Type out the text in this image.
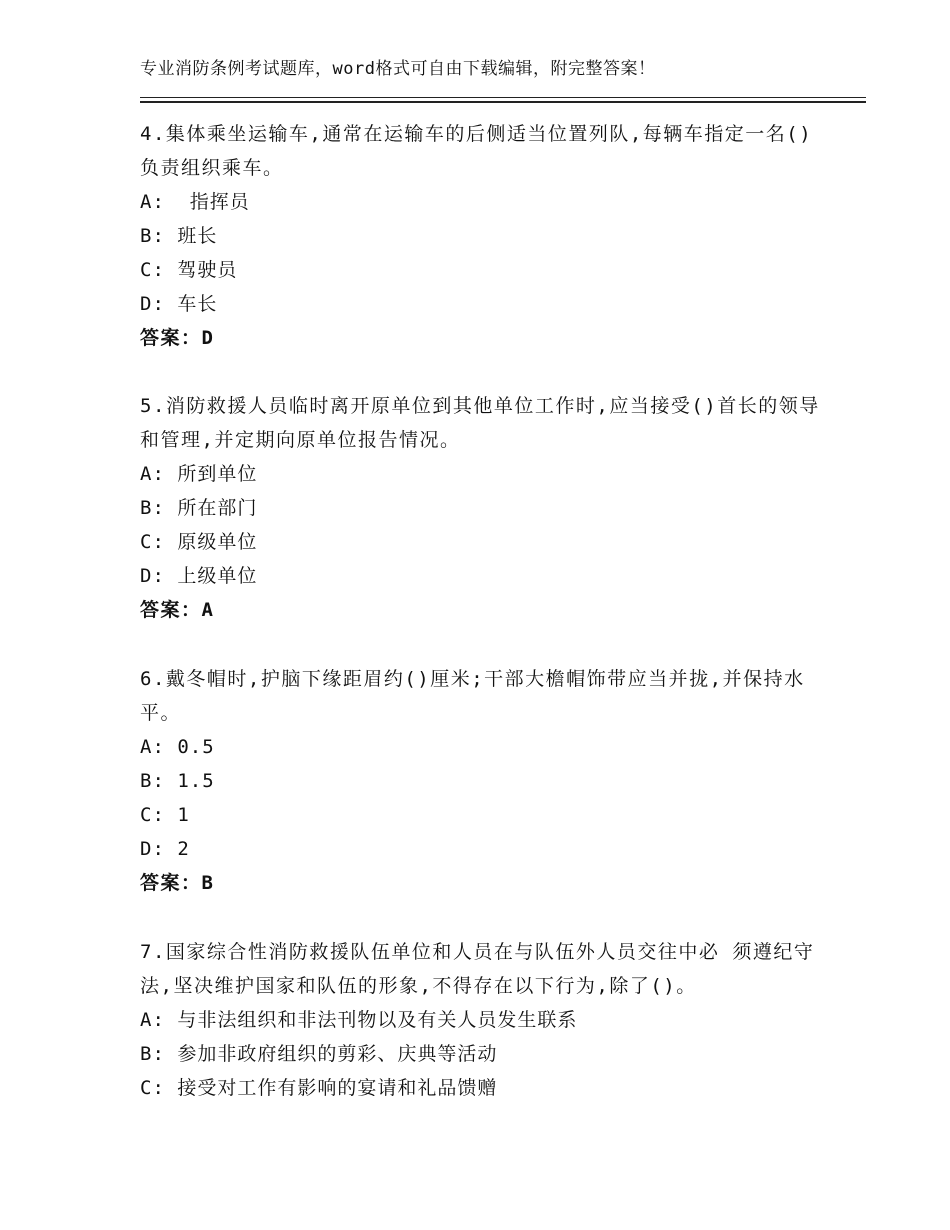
专业消防条例考试题库，word格式可自由下载编辑，附完整答案！

4.集体乘坐运输车,通常在运输车的后侧适当位置列队,每辆车指定一名()负责组织乘车。

A:  指挥员

B: 班长

C: 驾驶员

D: 车长

答案：D

5.消防救援人员临时离开原单位到其他单位工作时,应当接受()首长的领导和管理,并定期向原单位报告情况。

A: 所到单位

B: 所在部门

C: 原级单位

D: 上级单位

答案：A

6.戴冬帽时,护脑下缘距眉约()厘米;干部大檐帽饰带应当并拢,并保持水平。

A: 0.5

B: 1.5

C: 1

D: 2

答案：B

7.国家综合性消防救援队伍单位和人员在与队伍外人员交往中必 须遵纪守法,坚决维护国家和队伍的形象,不得存在以下行为,除了()。

A: 与非法组织和非法刊物以及有关人员发生联系

B: 参加非政府组织的剪彩、庆典等活动

C: 接受对工作有影响的宴请和礼品馈赠
